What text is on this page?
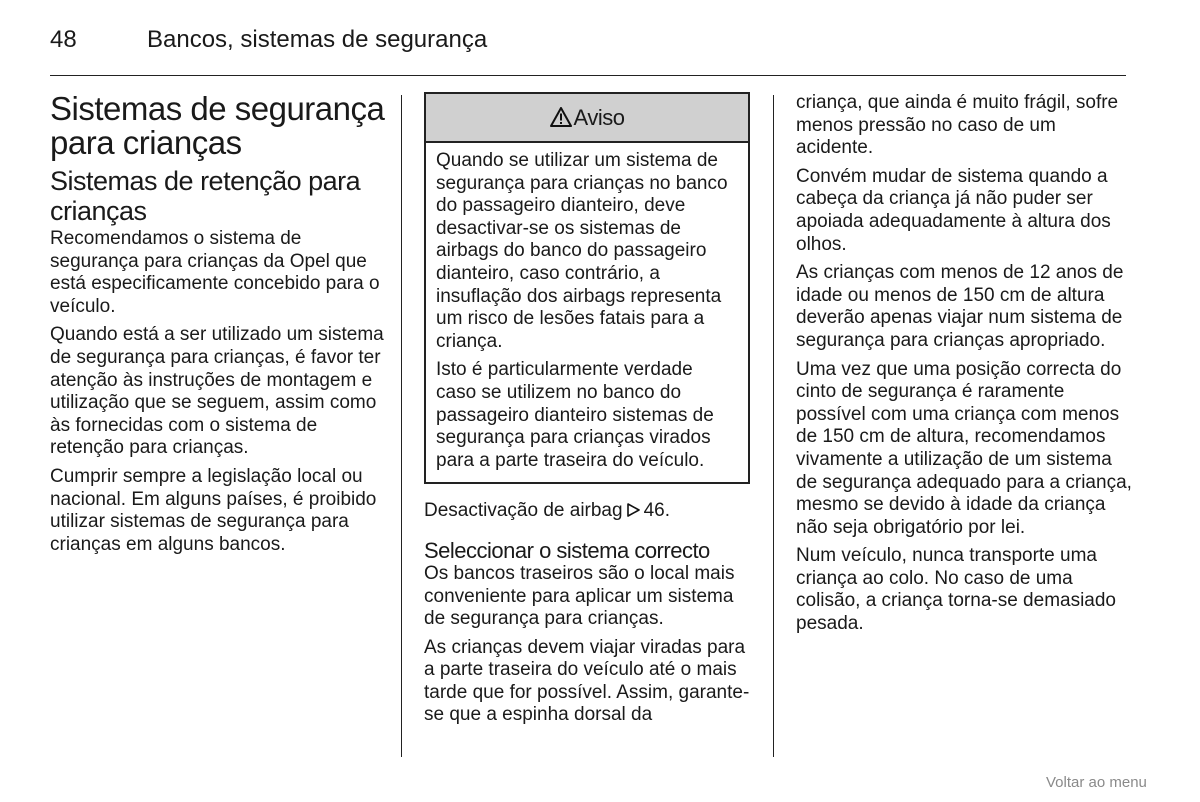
48	Bancos, sistemas de segurança
Sistemas de segurança para crianças
Sistemas de retenção para crianças

Recomendamos o sistema de segurança para crianças da Opel que está especificamente concebido para o veículo.

Quando está a ser utilizado um sistema de segurança para crianças, é favor ter atenção às instruções de montagem e utilização que se seguem, assim como às fornecidas com o sistema de retenção para crianças.

Cumprir sempre a legislação local ou nacional. Em alguns países, é proibido utilizar sistemas de segurança para crianças em alguns bancos.

Aviso

Quando se utilizar um sistema de segurança para crianças no banco do passageiro dianteiro, deve desactivar-se os sistemas de airbags do banco do passageiro dianteiro, caso contrário, a insuflação dos airbags representa um risco de lesões fatais para a criança.

Isto é particularmente verdade caso se utilizem no banco do passageiro dianteiro sistemas de segurança para crianças virados para a parte traseira do veículo.

Desactivação de airbag 46.

Seleccionar o sistema correcto

Os bancos traseiros são o local mais conveniente para aplicar um sistema de segurança para crianças.

As crianças devem viajar viradas para a parte traseira do veículo até o mais tarde que for possível. Assim, garante-se que a espinha dorsal da

criança, que ainda é muito frágil, sofre menos pressão no caso de um acidente.

Convém mudar de sistema quando a cabeça da criança já não puder ser apoiada adequadamente à altura dos olhos.

As crianças com menos de 12 anos de idade ou menos de 150 cm de altura deverão apenas viajar num sistema de segurança para crianças apropriado.

Uma vez que uma posição correcta do cinto de segurança é raramente possível com uma criança com menos de 150 cm de altura, recomendamos vivamente a utilização de um sistema de segurança adequado para a criança, mesmo se devido à idade da criança não seja obrigatório por lei.

Num veículo, nunca transporte uma criança ao colo. No caso de uma colisão, a criança torna-se demasiado pesada.

Voltar ao menu
